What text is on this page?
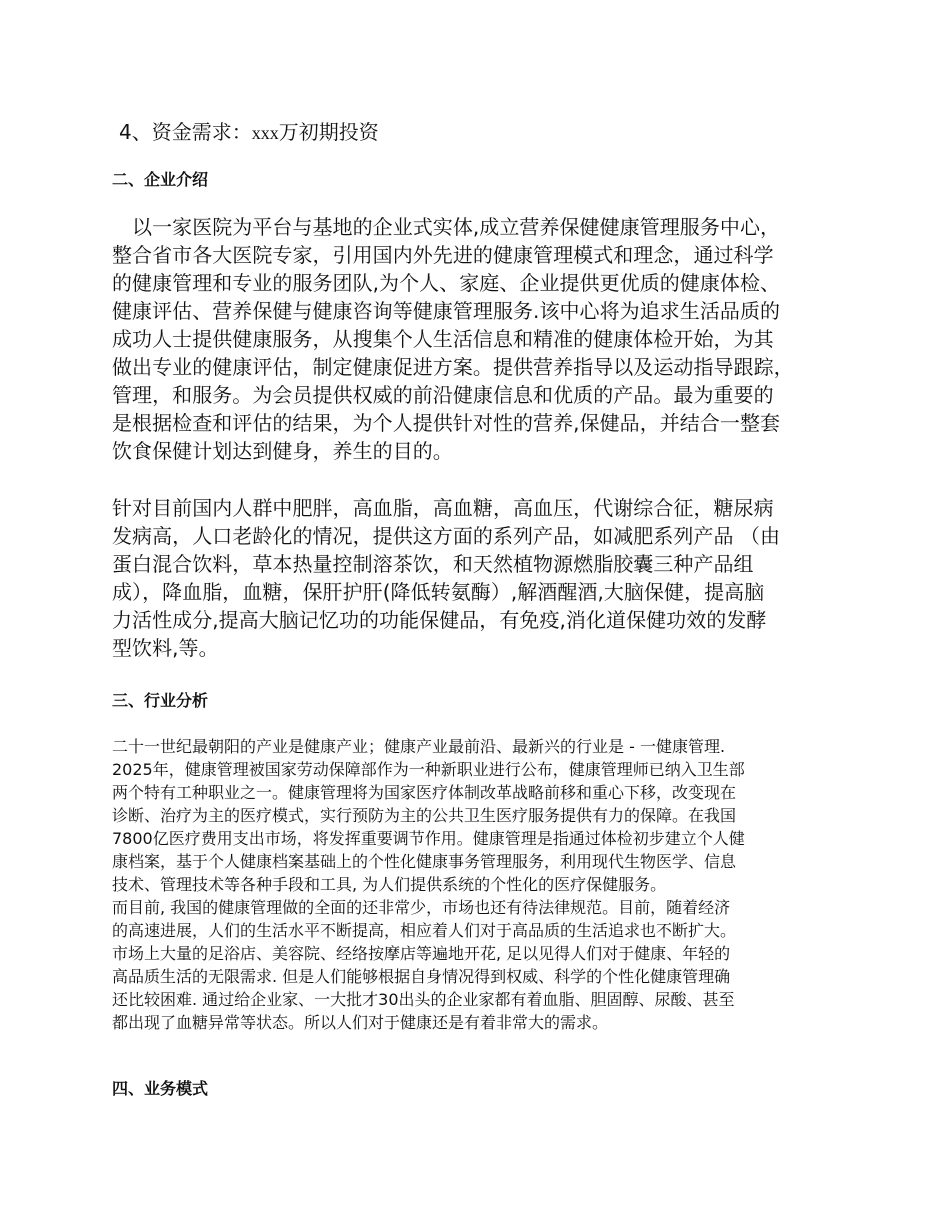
4、资金需求：xxx万初期投资
二、企业介绍
　以一家医院为平台与基地的企业式实体,成立营养保健健康管理服务中心，
整合省市各大医院专家，引用国内外先进的健康管理模式和理念，通过科学
的健康管理和专业的服务团队,为个人、家庭、企业提供更优质的健康体检、
健康评估、营养保健与健康咨询等健康管理服务.该中心将为追求生活品质的
成功人士提供健康服务，从搜集个人生活信息和精准的健康体检开始，为其
做出专业的健康评估，制定健康促进方案。提供营养指导以及运动指导跟踪，
管理，和服务。为会员提供权威的前沿健康信息和优质的产品。最为重要的
是根据检查和评估的结果，为个人提供针对性的营养,保健品，并结合一整套
饮食保健计划达到健身，养生的目的。
针对目前国内人群中肥胖，高血脂，高血糖，高血压，代谢综合征，糖尿病
发病高，人口老龄化的情况，提供这方面的系列产品，如减肥系列产品 （由
蛋白混合饮料，草本热量控制溶茶饮，和天然植物源燃脂胶囊三种产品组
成），降血脂，血糖，保肝护肝(降低转氨酶）,解酒醒酒,大脑保健，提高脑
力活性成分,提高大脑记忆功的功能保健品，有免疫,消化道保健功效的发酵
型饮料,等。
三、行业分析
二十一世纪最朝阳的产业是健康产业；健康产业最前沿、最新兴的行业是 - 一健康管理.
2025年，健康管理被国家劳动保障部作为一种新职业进行公布，健康管理师已纳入卫生部
两个特有工种职业之一。健康管理将为国家医疗体制改革战略前移和重心下移，改变现在
诊断、治疗为主的医疗模式，实行预防为主的公共卫生医疗服务提供有力的保障。在我国
7800亿医疗费用支出市场，将发挥重要调节作用。健康管理是指通过体检初步建立个人健
康档案，基于个人健康档案基础上的个性化健康事务管理服务，利用现代生物医学、信息
技术、管理技术等各种手段和工具, 为人们提供系统的个性化的医疗保健服务。
而目前, 我国的健康管理做的全面的还非常少，市场也还有待法律规范。目前，随着经济
的高速进展，人们的生活水平不断提高，相应着人们对于高品质的生活追求也不断扩大。
市场上大量的足浴店、美容院、经络按摩店等遍地开花, 足以见得人们对于健康、年轻的
高品质生活的无限需求. 但是人们能够根据自身情况得到权威、科学的个性化健康管理确
还比较困难. 通过给企业家、一大批才30出头的企业家都有着血脂、胆固醇、尿酸、甚至
都出现了血糖异常等状态。所以人们对于健康还是有着非常大的需求。
四、业务模式
